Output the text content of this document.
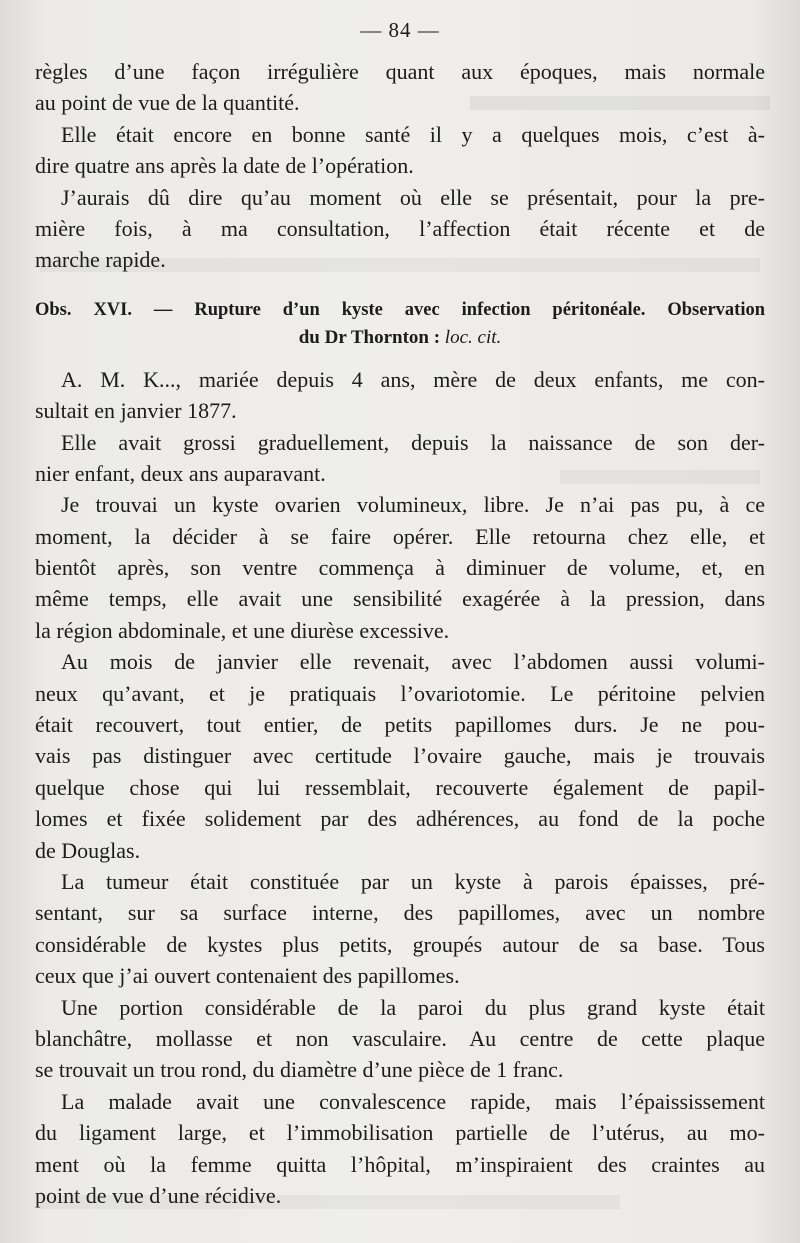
— 84 —
règles d’une façon irrégulière quant aux époques, mais normale
au point de vue de la quantité.
Elle était encore en bonne santé il y a quelques mois, c’est à-
dire quatre ans après la date de l’opération.
J’aurais dû dire qu’au moment où elle se présentait, pour la pre-
mière fois, à ma consultation, l’affection était récente et de
marche rapide.
Obs. XVI. — Rupture d’un kyste avec infection péritonéale. Observation
du Dr Thornton : loc. cit.
A. M. K..., mariée depuis 4 ans, mère de deux enfants, me con-
sultait en janvier 1877.
Elle avait grossi graduellement, depuis la naissance de son der-
nier enfant, deux ans auparavant.
Je trouvai un kyste ovarien volumineux, libre. Je n’ai pas pu, à ce
moment, la décider à se faire opérer. Elle retourna chez elle, et
bientôt après, son ventre commença à diminuer de volume, et, en
même temps, elle avait une sensibilité exagérée à la pression, dans
la région abdominale, et une diurèse excessive.
Au mois de janvier elle revenait, avec l’abdomen aussi volumi-
neux qu’avant, et je pratiquais l’ovariotomie. Le péritoine pelvien
était recouvert, tout entier, de petits papillomes durs. Je ne pou-
vais pas distinguer avec certitude l’ovaire gauche, mais je trouvais
quelque chose qui lui ressemblait, recouverte également de papil-
lomes et fixée solidement par des adhérences, au fond de la poche
de Douglas.
La tumeur était constituée par un kyste à parois épaisses, pré-
sentant, sur sa surface interne, des papillomes, avec un nombre
considérable de kystes plus petits, groupés autour de sa base. Tous
ceux que j’ai ouvert contenaient des papillomes.
Une portion considérable de la paroi du plus grand kyste était
blanchâtre, mollasse et non vasculaire. Au centre de cette plaque
se trouvait un trou rond, du diamètre d’une pièce de 1 franc.
La malade avait une convalescence rapide, mais l’épaississement
du ligament large, et l’immobilisation partielle de l’utérus, au mo-
ment où la femme quitta l’hôpital, m’inspiraient des craintes au
point de vue d’une récidive.
